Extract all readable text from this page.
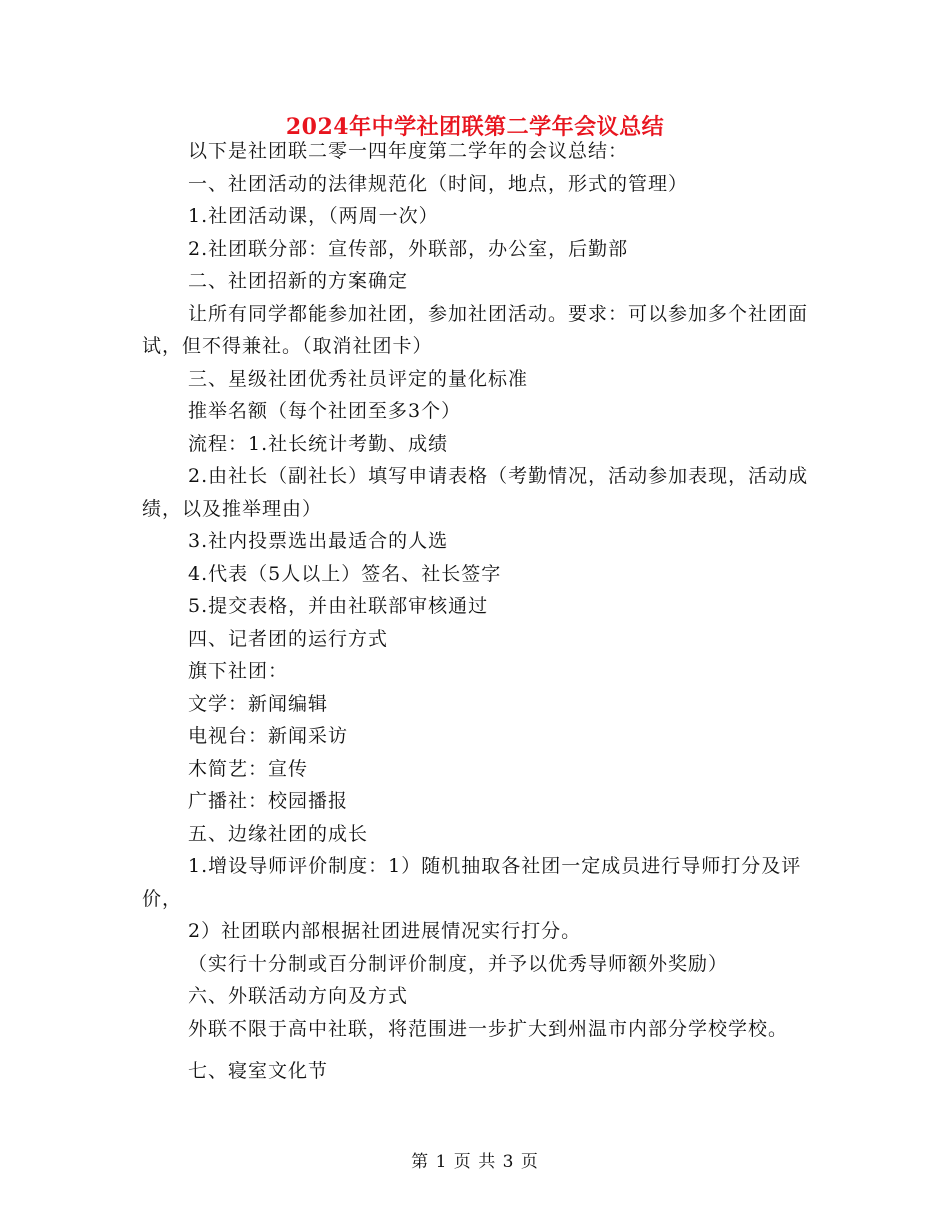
2024年中学社团联第二学年会议总结

以下是社团联二零一四年度第二学年的会议总结：

一、社团活动的法律规范化（时间，地点，形式的管理）

1.社团活动课，（两周一次）

2.社团联分部：宣传部，外联部，办公室，后勤部

二、社团招新的方案确定

让所有同学都能参加社团，参加社团活动。要求：可以参加多个社团面试，但不得兼社。（取消社团卡）

三、星级社团优秀社员评定的量化标准

推举名额（每个社团至多3个）

流程：1.社长统计考勤、成绩

2.由社长（副社长）填写申请表格（考勤情况，活动参加表现，活动成绩，以及推举理由）

3.社内投票选出最适合的人选

4.代表（5人以上）签名、社长签字

5.提交表格，并由社联部审核通过

四、记者团的运行方式

旗下社团：

文学：新闻编辑

电视台：新闻采访

木简艺：宣传

广播社：校园播报

五、边缘社团的成长

1.增设导师评价制度：1）随机抽取各社团一定成员进行导师打分及评价，

2）社团联内部根据社团进展情况实行打分。

（实行十分制或百分制评价制度，并予以优秀导师额外奖励）

六、外联活动方向及方式

外联不限于高中社联，将范围进一步扩大到州温市内部分学校学校。

七、寝室文化节

第 1 页 共 3 页
